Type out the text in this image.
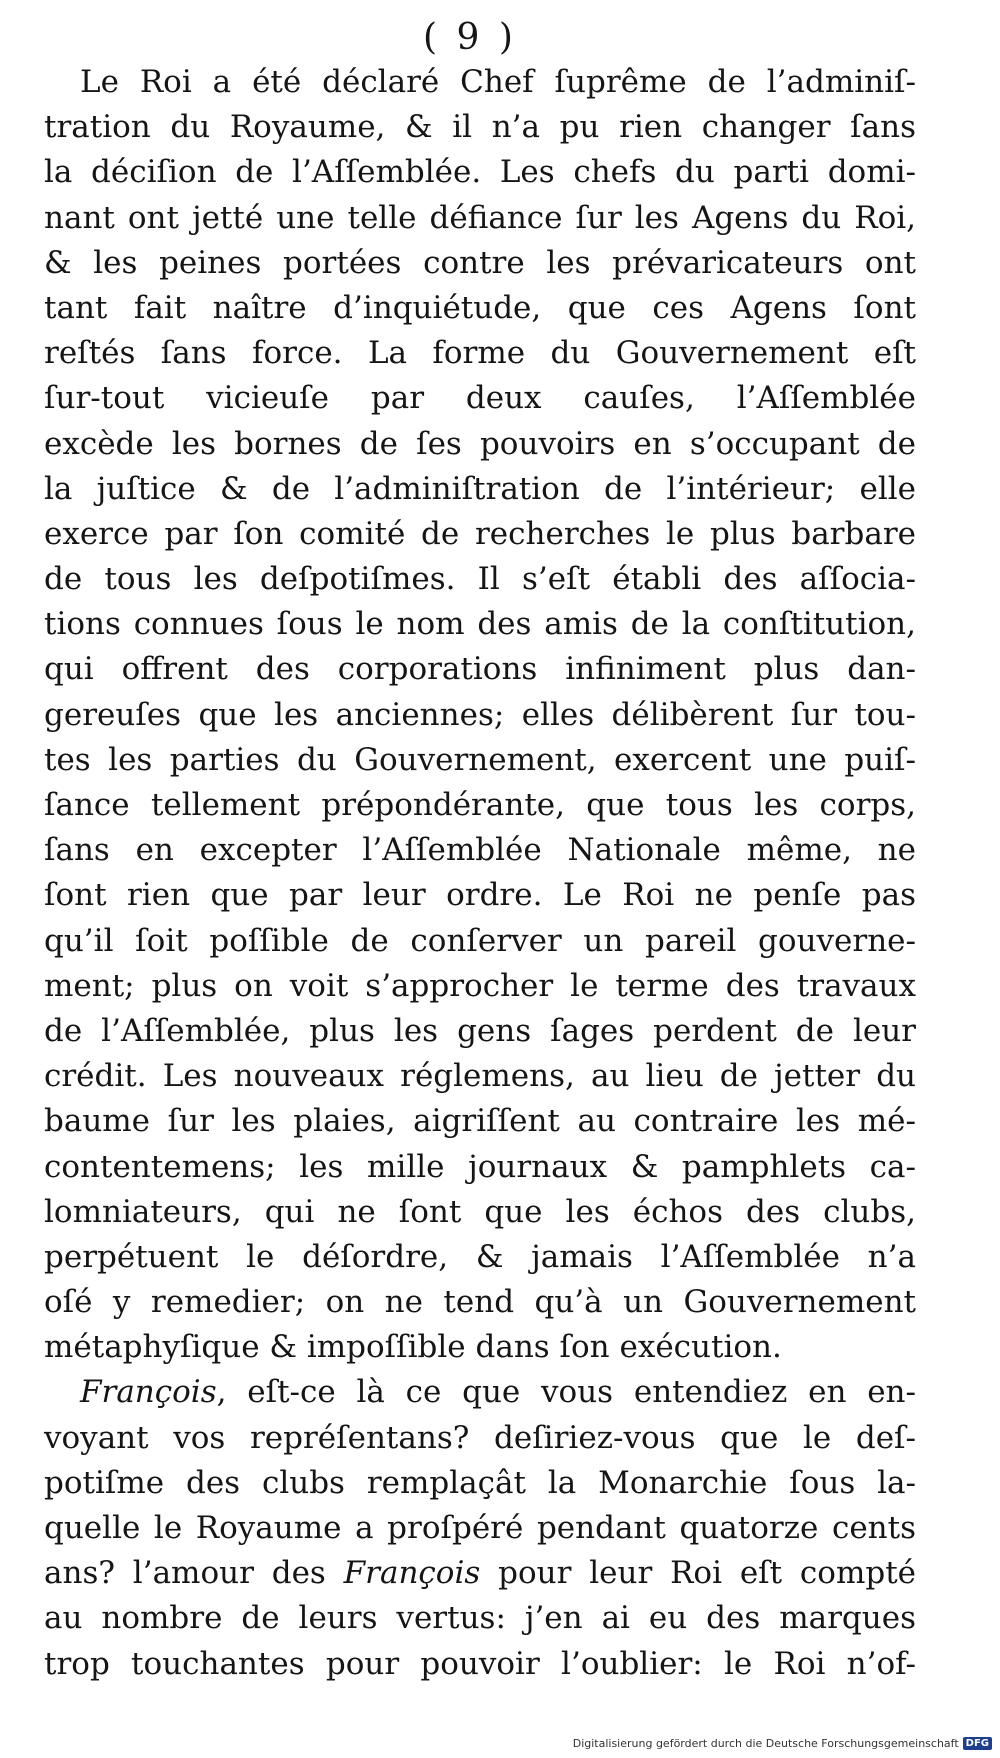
( 9 )
Le Roi a été déclaré Chef ſuprême de l’adminiſ-
tration du Royaume, & il n’a pu rien changer ſans
la déciſion de l’Aſſemblée. Les chefs du parti domi-
nant ont jetté une telle défiance ſur les Agens du Roi,
& les peines portées contre les prévaricateurs ont
tant fait naître d’inquiétude, que ces Agens ſont
reſtés ſans force. La forme du Gouvernement eſt
ſur-tout vicieuſe par deux cauſes, l’Aſſemblée
excède les bornes de ſes pouvoirs en s’occupant de
la juſtice & de l’adminiſtration de l’intérieur; elle
exerce par ſon comité de recherches le plus barbare
de tous les deſpotiſmes. Il s’eſt établi des aſſocia-
tions connues ſous le nom des amis de la conſtitution,
qui offrent des corporations infiniment plus dan-
gereuſes que les anciennes; elles délibèrent ſur tou-
tes les parties du Gouvernement, exercent une puiſ-
ſance tellement prépondérante, que tous les corps,
ſans en excepter l’Aſſemblée Nationale même, ne
ſont rien que par leur ordre. Le Roi ne penſe pas
qu’il ſoit poſſible de conſerver un pareil gouverne-
ment; plus on voit s’approcher le terme des travaux
de l’Aſſemblée, plus les gens ſages perdent de leur
crédit. Les nouveaux réglemens, au lieu de jetter du
baume ſur les plaies, aigriſſent au contraire les mé-
contentemens; les mille journaux & pamphlets ca-
lomniateurs, qui ne ſont que les échos des clubs,
perpétuent le déſordre, & jamais l’Aſſemblée n’a
oſé y remedier; on ne tend qu’à un Gouvernement
métaphyſique & impoſſible dans ſon exécution.
François, eſt-ce là ce que vous entendiez en en-
voyant vos repréſentans? deſiriez-vous que le deſ-
potiſme des clubs remplaçât la Monarchie ſous la-
quelle le Royaume a proſpéré pendant quatorze cents
ans? l’amour des François pour leur Roi eſt compté
au nombre de leurs vertus: j’en ai eu des marques
trop touchantes pour pouvoir l’oublier: le Roi n’of-
Digitalisierung gefördert durch die Deutsche Forschungsgemeinschaft DFG
